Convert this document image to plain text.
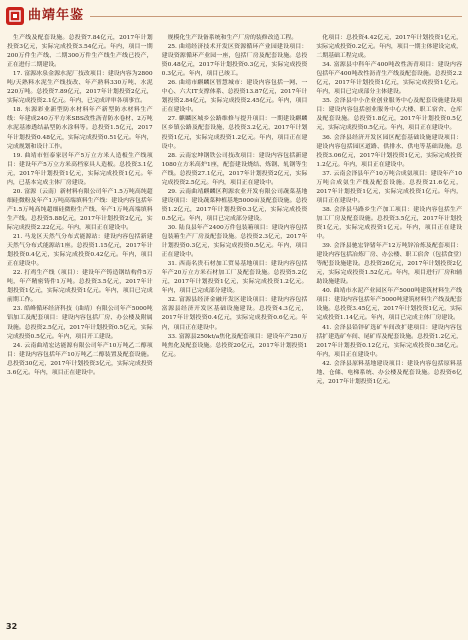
曲靖年鉴

生产线及配套设施。总投资7.84亿元，2017年计划投资3亿元，实际完成投资3.54亿元。年内，项目一期200万件生产线、二期300万件生产线生产线已投产，正在进行二期建设。

17. 富源冰泉金源水泥厂技改项目：建设内容为2800吨/天熟料水泥生产线技改、年产熟料330万吨、水泥220万吨。总投资7.89亿元，2017年计划投资2亿元，实际完成投资2.1亿元。年内，已完成评审各项事宜。

18. 东源彩业新型防水材料年产新型防水材料生产线：年建成240万平方米SBS改性沥青防水卷材、2万吨水泥基渗透结晶型防水涂料等。总投资1.5亿元，2017年计划投资0.48亿元，实际完成投资0.51亿元。年内，完成规划和设计工作。

19. 曲靖市恒泰家居年产5万立方米人造板生产线项目：建设年产5万立方米高档家具人造板。总投资3.1亿元，2017年计划投资1亿元，实际完成投资1亿元。年内，已基本完成主体厂房建设。

20. 富源（云南）新材料有限公司年产1.5万吨高纯超细硅微粉及年产1万吨高端填料生产线：建设内容包括年产1.5万吨高纯超细硅微粉生产线、年产1万吨高端填料生产线。总投资5.88亿元，2017年计划投资2亿元，实际完成投资2.22亿元。年内，项目正在建设中。

21. 马龙区天然气分布式能源站：建设内容包括新建天然气分布式能源站1座。总投资1.15亿元，2017年计划投资0.4亿元，实际完成投资0.42亿元。年内，项目正在建设中。

22. 打鸡生产线（项目）：建设年产铸造钢结构件5万吨，年产精密铸件1万吨。总投资3.5亿元，2017年计划投资1亿元，实际完成投资1亿元。年内，项目已完成前期工作。

23. 皓峰循环经济科技（曲靖）有限公司年产5000吨铝加工及配套项目：建设内容包括厂房、办公楼及附属设施。总投资2.5亿元，2017年计划投资0.5亿元，实际完成投资0.5亿元。年内，项目开工建设。

24. 云南曲靖宏达能源有限公司年产10万吨乙二醇项目：建设内容包括年产10万吨乙二醇装置及配套设施。总投资30亿元，2017年计划投资3亿元，实际完成投资3.6亿元。年内，项目正在建设中。

规模化生产设备系统和生产厂房的装修改造工程。

25. 曲靖经济技术开发区资源循环产业园建设项目：建设资源循环产业园一座，包括厂房及配套设施。总投资0.48亿元，2017年计划投资0.3亿元，实际完成投资0.3亿元。年内，项目已竣工。

26. 曲靖市麒麟区智慧城市：建设内容包括一网、一中心、六大IT支撑体系、总投资13.87亿元，2017年计划投资2.84亿元，实际完成投资2.45亿元。年内，项目正在建设中。

27. 麒麟区城乡公路维修与提升项目：一期建设麒麟区乡镇公路及配套设施，总投资3.2亿元，2017年计划投资1亿元，实际完成投资1.2亿元。年内，项目正在建设中。

28. 云南宏坤钢铁公司技改项目：建设内容包括新建1080立方米高炉1座，配套建设烧结、炼钢、轧钢等生产线。总投资27.1亿元，2017年计划投资2亿元，实际完成投资2.5亿元。年内，项目正在建设中。

29. 云南曲靖麒麟区利源农业开发有限公司蔬菜基地建设项目：建设蔬菜种植基地5000亩及配套设施。总投资1.2亿元，2017年计划投资0.3亿元，实际完成投资0.5亿元。年内，项目已完成部分建设。

30. 陆良县年产2400万件包装箱项目：建设内容包括包装箱生产厂房及配套设施。总投资2.3亿元，2017年计划投资0.3亿元，实际完成投资0.5亿元。年内，项目正在建设中。

31. 西南名贵石材加工贸易基地项目：建设内容包括年产20万立方米石材加工厂及配套设施。总投资5.2亿元，2017年计划投资1亿元，实际完成投资1.2亿元。年内，项目已完成部分建设。

32. 富源县经济金融开发区建设项目：建设内容包括富源县经济开发区基础设施建设。总投资4.3亿元，2017年计划投资0.4亿元，实际完成投资0.6亿元。年内，项目正在建设中。

33. 富源县250kt/a焦化及配套项目：建设年产250万吨焦化及配套设施。总投资20亿元，2017年计划投资1亿元。

化项目：总投资4.42亿元，2017年计划投资1亿元，实际完成投资0.2亿元。年内，项目一期主体建设完成，二期基础工程完成。

34. 富源县中科年产400吨改性沥青项目：建设内容包括年产400吨改性沥青生产线及配套设施。总投资2.2亿元，2017年计划投资1亿元，实际完成投资1亿元。年内，项目已完成部分主体建设。

35. 会泽县中小企业创业服务中心及配套设施建设项目：建设内容包括创业服务中心大楼、职工宿舍、仓库及配套设施。总投资1.8亿元，2017年计划投资0.5亿元，实际完成投资0.5亿元。年内，项目正在建设中。

36. 会泽县经济开发区园区配套基础设施建设项目：建设内容包括园区道路、供排水、供电等基础设施。总投资3.06亿元，2017年计划投资1亿元，实际完成投资1.2亿元。年内，项目正在建设中。

37. 云南会泽县年产10万吨合成氨项目：建设年产10万吨合成氨生产线及配套设施。总投资21.6亿元，2017年计划投资1亿元，实际完成投资1亿元。年内，项目正在建设中。

38. 会泽县马路乡生产加工项目：建设内容包括生产加工厂房及配套设施。总投资3.5亿元，2017年计划投资1亿元，实际完成投资1亿元。年内，项目正在建设中。

39. 会泽县驰宏锌锗年产12万吨锌冶炼及配套项目：建设内容包括冶炼厂房、办公楼、职工宿舍（包括食堂）等配套设施建设。总投资26亿元，2017年计划投资2亿元，实际完成投资1.52亿元。年内，项目进行厂房和辅助设施建设。

40. 曲靖市水泥产业园区年产5000吨建筑材料生产线项目：建设内容包括年产5000吨建筑材料生产线及配套设施。总投资3.45亿元，2017年计划投资1亿元，实际完成投资1.14亿元。年内，项目已完成主体厂房建设。

41. 会泽县铅锌矿选矿车间改扩建项目：建设内容包括扩建选矿车间、尾矿库及配套设施。总投资1.2亿元，2017年计划投资0.12亿元，实际完成投资0.38亿元。年内，项目正在建设中。

42. 会泽县原料基地建设项目：建设内容包括原料基地、仓储、电梯系统、办公楼及配套设施。总投资6亿元，2017年计划投资1亿元。

32
